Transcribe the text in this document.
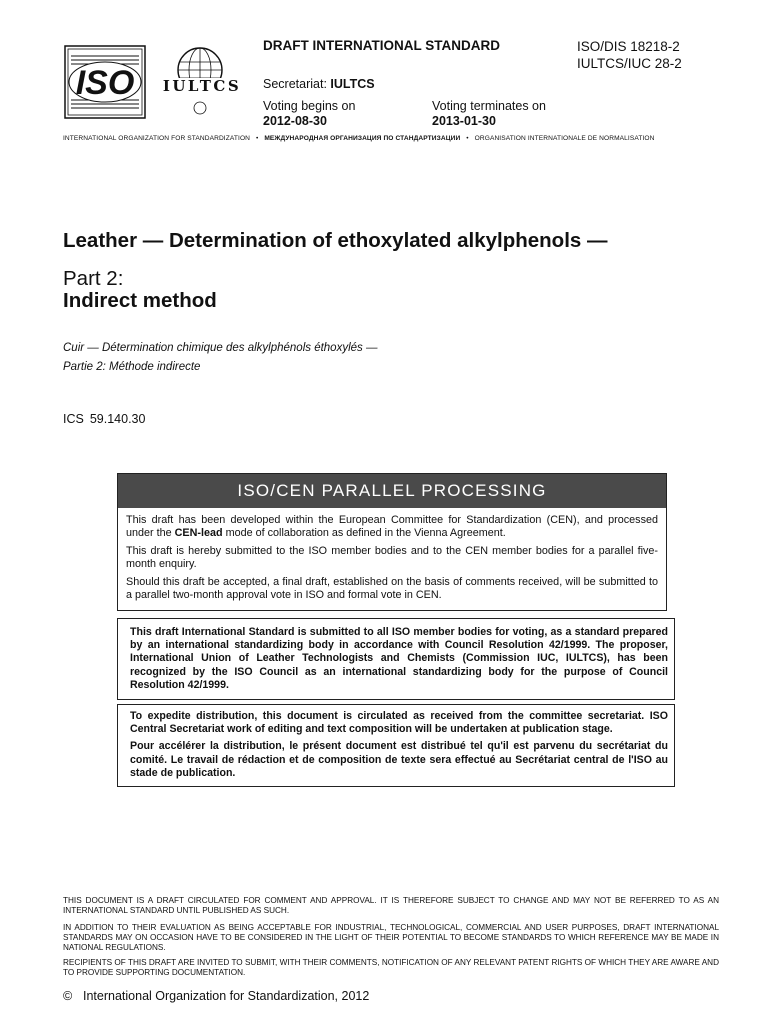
ISO IULTCS
DRAFT INTERNATIONAL STANDARD	ISO/DIS 18218-2
IULTCS/IUC 28-2
Secretariat: IULTCS
Voting begins on
2012-08-30
Voting terminates on
2013-01-30
INTERNATIONAL ORGANIZATION FOR STANDARDIZATION • МЕЖДУНАРОДНАЯ ОРГАНИЗАЦИЯ ПО СТАНДАРТИЗАЦИИ • ORGANISATION INTERNATIONALE DE NORMALISATION
Leather — Determination of ethoxylated alkylphenols —
Part 2:
Indirect method
Cuir — Détermination chimique des alkylphénols éthoxylés —
Partie 2: Méthode indirecte
ICS 59.140.30
ISO/CEN PARALLEL PROCESSING

This draft has been developed within the European Committee for Standardization (CEN), and processed under the CEN-lead mode of collaboration as defined in the Vienna Agreement.

This draft is hereby submitted to the ISO member bodies and to the CEN member bodies for a parallel five-month enquiry.

Should this draft be accepted, a final draft, established on the basis of comments received, will be submitted to a parallel two-month approval vote in ISO and formal vote in CEN.

This draft International Standard is submitted to all ISO member bodies for voting, as a standard prepared by an international standardizing body in accordance with Council Resolution 42/1999. The proposer, International Union of Leather Technologists and Chemists (Commission IUC, IULTCS), has been recognized by the ISO Council as an international standardizing body for the purpose of Council Resolution 42/1999.

To expedite distribution, this document is circulated as received from the committee secretariat. ISO Central Secretariat work of editing and text composition will be undertaken at publication stage.

Pour accélérer la distribution, le présent document est distribué tel qu'il est parvenu du secrétariat du comité. Le travail de rédaction et de composition de texte sera effectué au Secrétariat central de l'ISO au stade de publication.

THIS DOCUMENT IS A DRAFT CIRCULATED FOR COMMENT AND APPROVAL. IT IS THEREFORE SUBJECT TO CHANGE AND MAY NOT BE REFERRED TO AS AN INTERNATIONAL STANDARD UNTIL PUBLISHED AS SUCH.
IN ADDITION TO THEIR EVALUATION AS BEING ACCEPTABLE FOR INDUSTRIAL, TECHNOLOGICAL, COMMERCIAL AND USER PURPOSES, DRAFT INTERNATIONAL STANDARDS MAY ON OCCASION HAVE TO BE CONSIDERED IN THE LIGHT OF THEIR POTENTIAL TO BECOME STANDARDS TO WHICH REFERENCE MAY BE MADE IN NATIONAL REGULATIONS.
RECIPIENTS OF THIS DRAFT ARE INVITED TO SUBMIT, WITH THEIR COMMENTS, NOTIFICATION OF ANY RELEVANT PATENT RIGHTS OF WHICH THEY ARE AWARE AND TO PROVIDE SUPPORTING DOCUMENTATION.
© International Organization for Standardization, 2012
